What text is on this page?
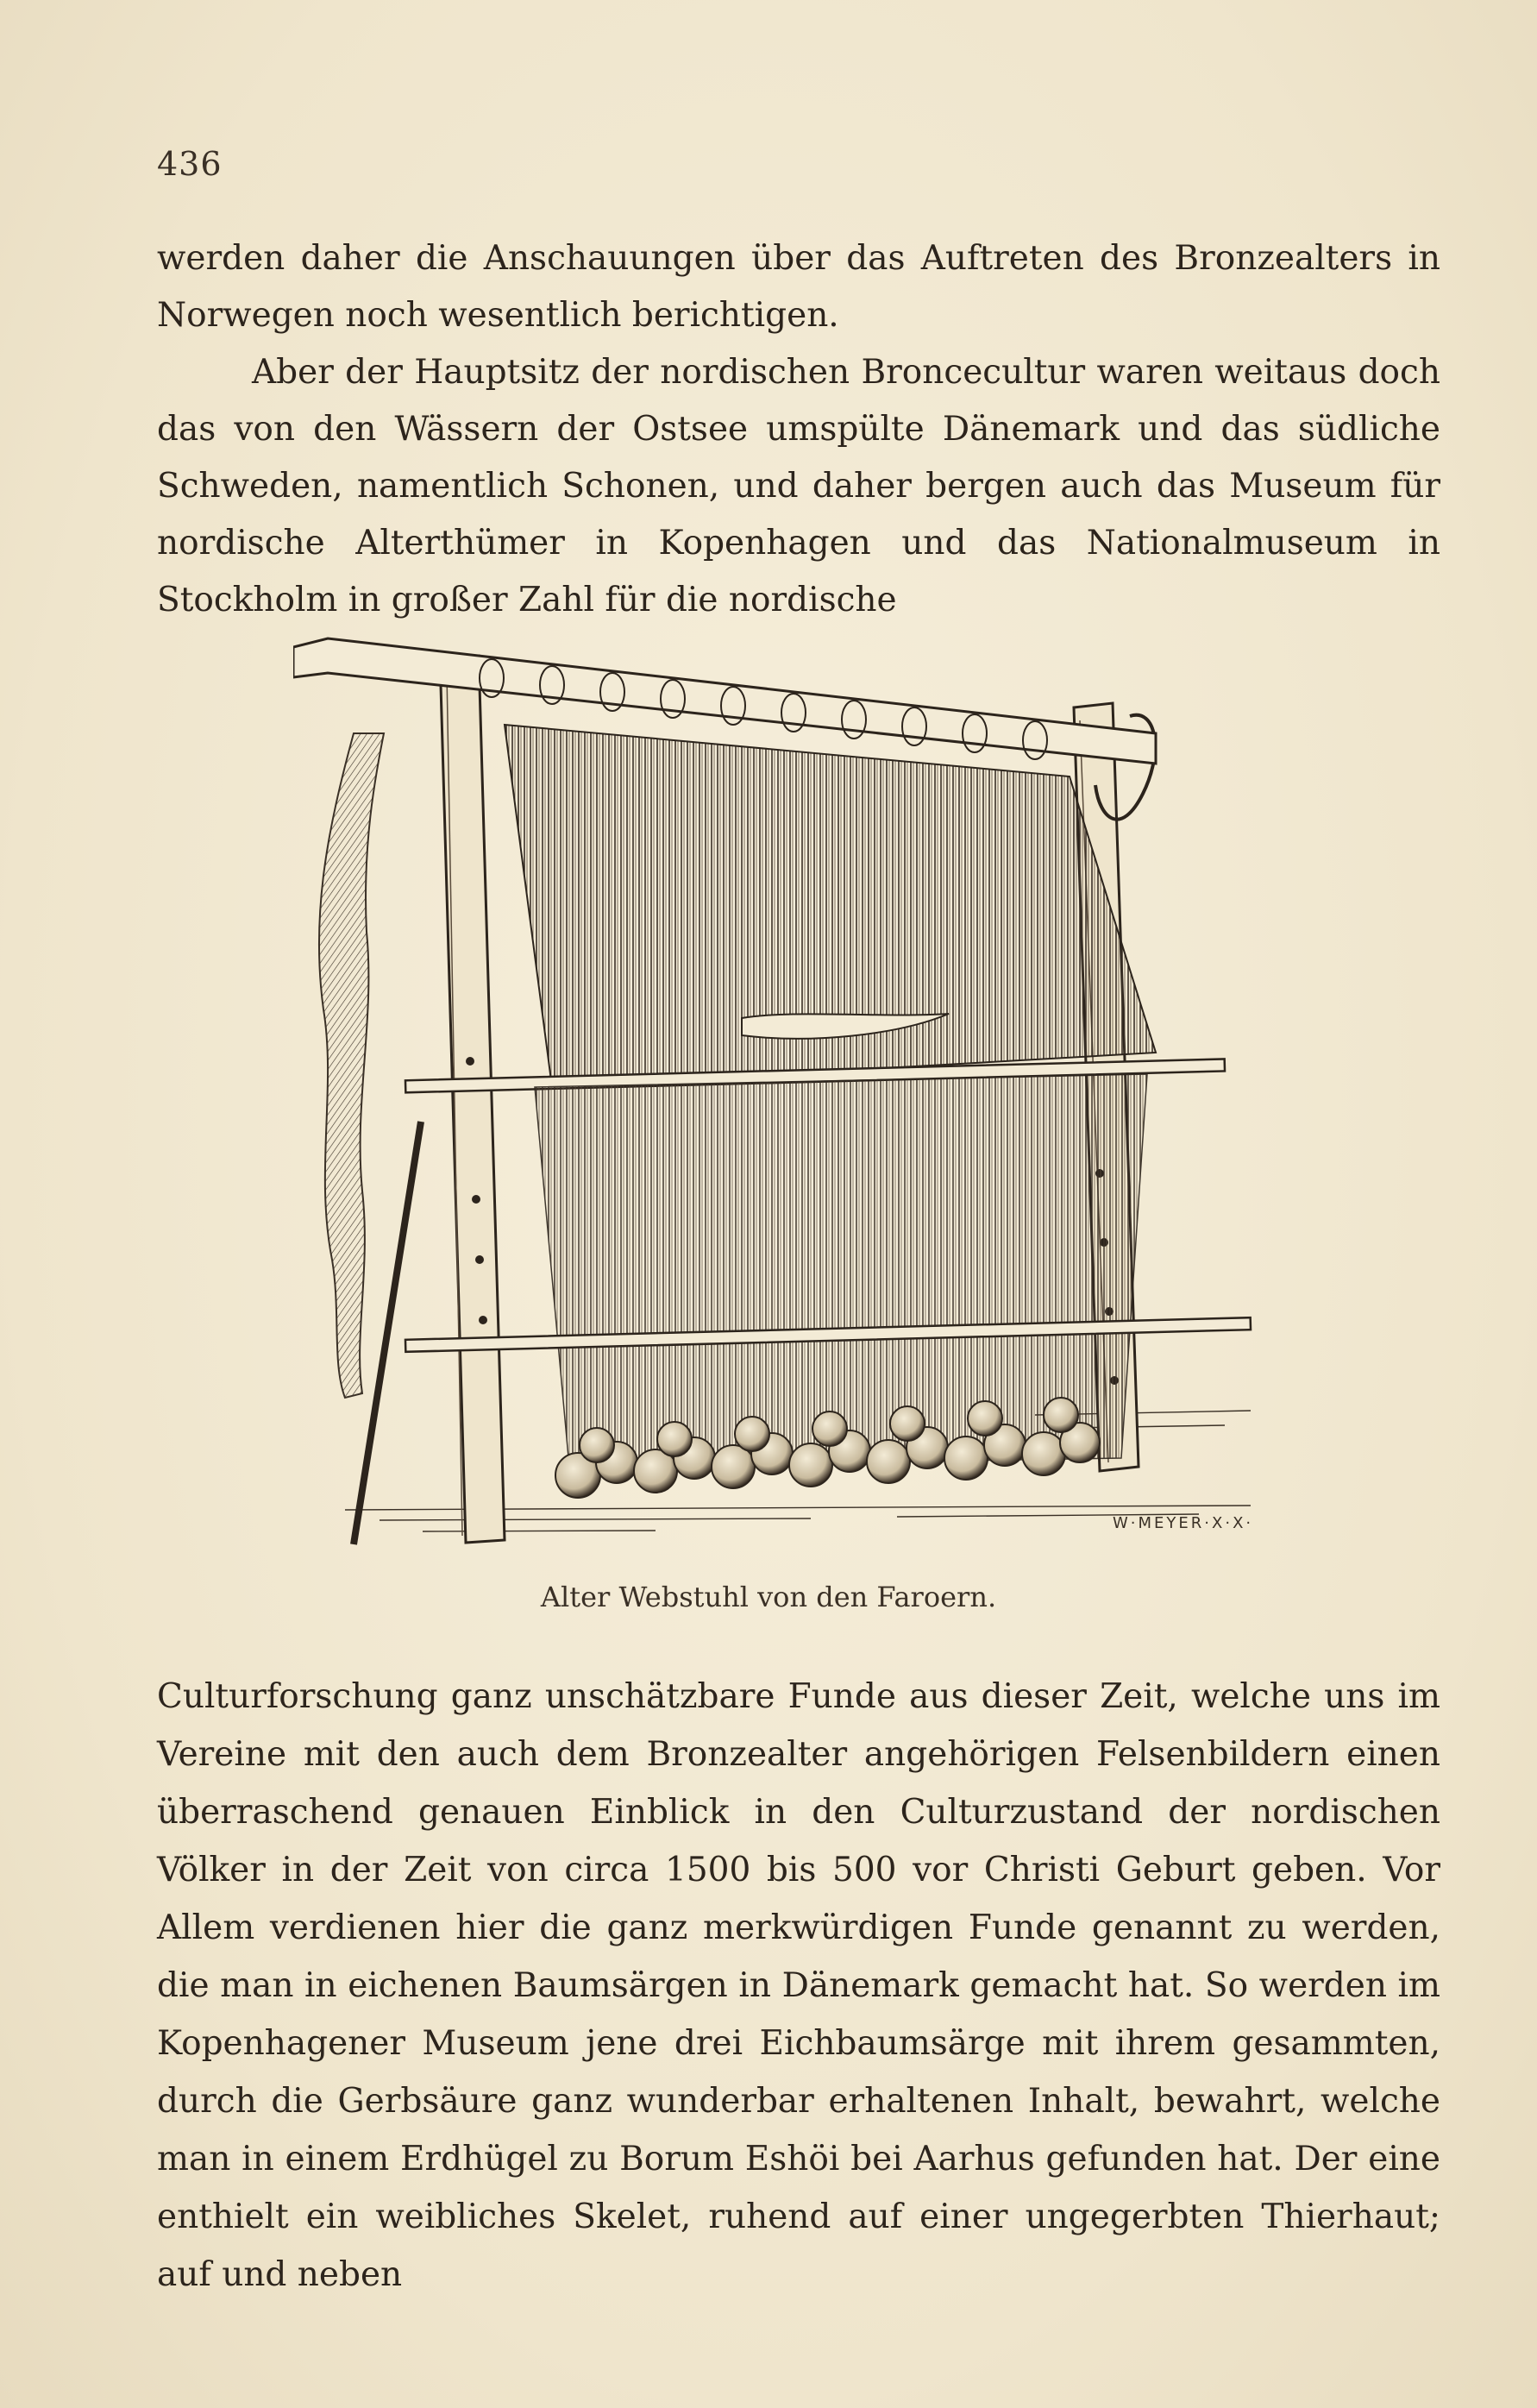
436

werden daher die Anschauungen über das Auftreten des Bronzealters in Norwegen noch wesentlich berichtigen.

Aber der Hauptsitz der nordischen Broncecultur waren weitaus doch das von den Wässern der Ostsee umspülte Dänemark und das südliche Schweden, namentlich Schonen, und daher bergen auch das Museum für nordische Alterthümer in Kopenhagen und das Nationalmuseum in Stockholm in großer Zahl für die nordische

W·MEYER·X·X·
Alter Webstuhl von den Faroern.

Culturforschung ganz unschätzbare Funde aus dieser Zeit, welche uns im Vereine mit den auch dem Bronzealter angehörigen Felsenbildern einen überraschend genauen Einblick in den Culturzustand der nordischen Völker in der Zeit von circa 1500 bis 500 vor Christi Geburt geben. Vor Allem verdienen hier die ganz merkwürdigen Funde genannt zu werden, die man in eichenen Baumsärgen in Dänemark gemacht hat. So werden im Kopenhagener Museum jene drei Eichbaumsärge mit ihrem gesammten, durch die Gerbsäure ganz wunderbar erhaltenen Inhalt, bewahrt, welche man in einem Erdhügel zu Borum Eshöi bei Aarhus gefunden hat. Der eine enthielt ein weibliches Skelet, ruhend auf einer ungegerbten Thierhaut; auf und neben
